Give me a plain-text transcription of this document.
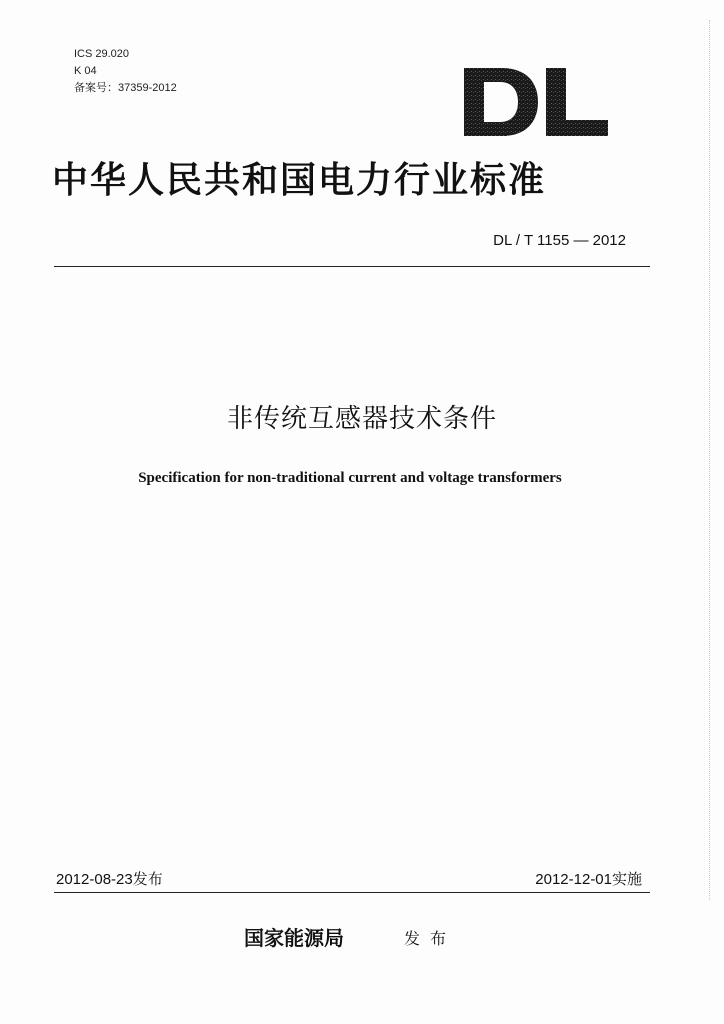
ICS 29.020
K 04
备案号：37359-2012
中华人民共和国电力行业标准
DL / T 1155 — 2012
非传统互感器技术条件
Specification for non-traditional current and voltage transformers
2012-08-23发布	2012-12-01实施
国家能源局	发布
